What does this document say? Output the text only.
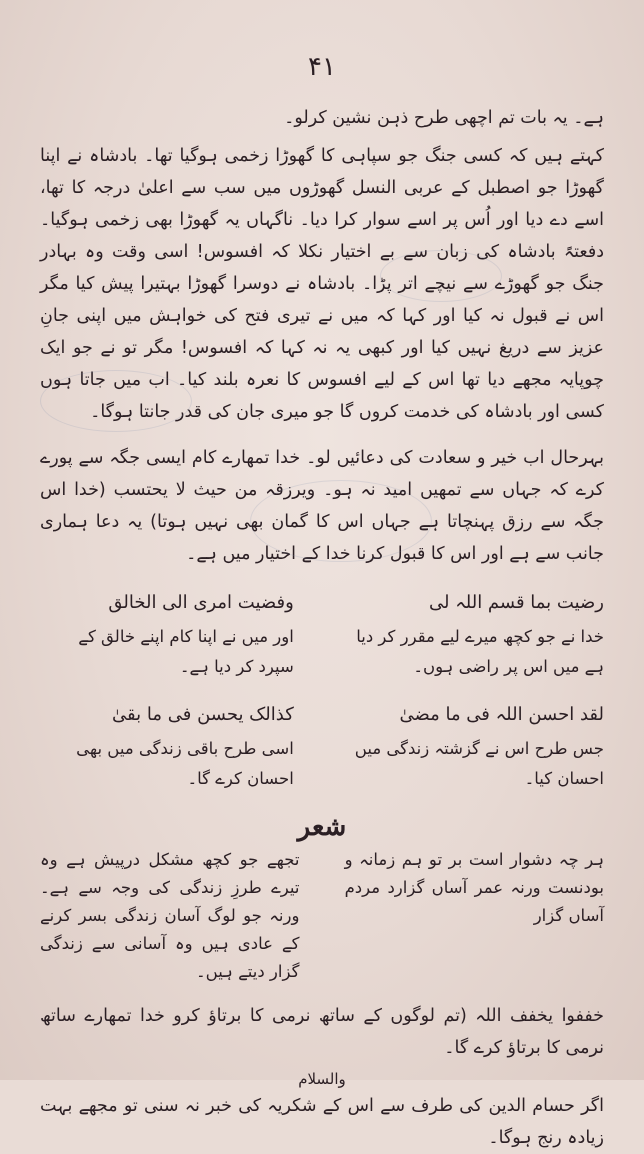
۴۱

ہے۔ یہ بات تم اچھی طرح ذہن نشین کرلو۔

کہتے ہیں کہ کسی جنگ جو سپاہی کا گھوڑا زخمی ہوگیا تھا۔ بادشاہ نے اپنا گھوڑا جو اصطبل کے عربی النسل گھوڑوں میں سب سے اعلیٰ درجہ کا تھا، اسے دے دیا اور اُس پر اسے سوار کرا دیا۔ ناگہاں یہ گھوڑا بھی زخمی ہوگیا۔ دفعتہً بادشاہ کی زبان سے بے اختیار نکلا کہ افسوس! اسی وقت وہ بہادر جنگ جو گھوڑے سے نیچے اتر پڑا۔ بادشاہ نے دوسرا گھوڑا بہتیرا پیش کیا مگر اس نے قبول نہ کیا اور کہا کہ میں نے تیری فتح کی خواہش میں اپنی جانِ عزیز سے دریغ نہیں کیا اور کبھی یہ نہ کہا کہ افسوس! مگر تو نے جو ایک چوپایہ مجھے دیا تھا اس کے لیے افسوس کا نعرہ بلند کیا۔ اب میں جاتا ہوں کسی اور بادشاہ کی خدمت کروں گا جو میری جان کی قدر جانتا ہوگا۔

بہرحال اب خیر و سعادت کی دعائیں لو۔ خدا تمھارے کام ایسی جگہ سے پورے کرے کہ جہاں سے تمھیں امید نہ ہو۔ ویرزقہ من حیث لا یحتسب (خدا اس جگہ سے رزق پہنچاتا ہے جہاں اس کا گمان بھی نہیں ہوتا) یہ دعا ہماری جانب سے ہے اور اس کا قبول کرنا خدا کے اختیار میں ہے۔

رضیت بما قسم اللہ لی
خدا نے جو کچھ میرے لیے مقرر کر دیا ہے میں اس پر راضی ہوں۔
وفضیت امری الی الخالق
اور میں نے اپنا کام اپنے خالق کے سپرد کر دیا ہے۔
لقد احسن اللہ فی ما مضیٰ
جس طرح اس نے گزشتہ زندگی میں احسان کیا۔
کذالک یحسن فی ما بقیٰ
اسی طرح باقی زندگی میں بھی احسان کرے گا۔
شعر

ہر چہ دشوار است بر تو ہم زمانہ و بودنست ورنہ عمر آساں گزارد مردم آساں گزار

تجھے جو کچھ مشکل درپیش ہے وہ تیرے طرزِ زندگی کی وجہ سے ہے۔ ورنہ جو لوگ آسان زندگی بسر کرنے کے عادی ہیں وہ آسانی سے زندگی گزار دیتے ہیں۔

خففوا یخفف اللہ (تم لوگوں کے ساتھ نرمی کا برتاؤ کرو خدا تمھارے ساتھ نرمی کا برتاؤ کرے گا۔

والسلام

اگر حسام الدین کی طرف سے اس کے شکریہ کی خبر نہ سنی تو مجھے بہت زیادہ رنج ہوگا۔
